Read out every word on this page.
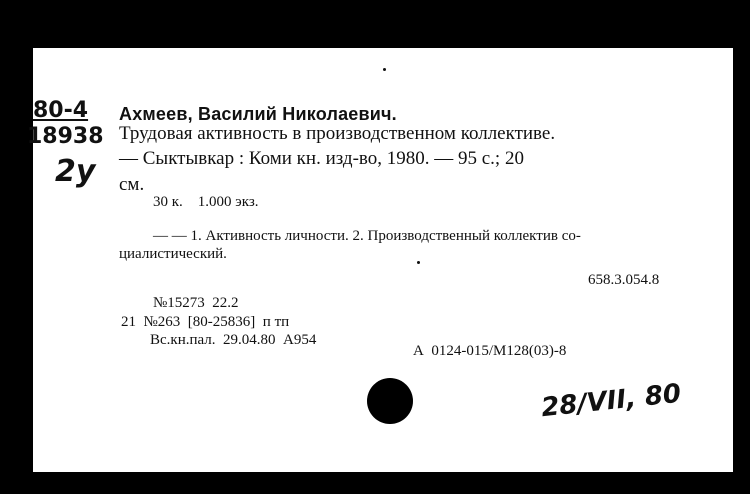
Ахмеев, Василий Николаевич.
Трудовая активность в производственном коллективе.
— Сыктывкар : Коми кн. изд-во, 1980. — 95 с.; 20
см.
30 к.    1.000 экз.
— — 1. Активность личности. 2. Производственный коллектив со-
циалистический.
658.3.054.8
№15273  22.2
21  №263  [80-25836]  п тп
Вс.кн.пал.  29.04.80  А954
А  0124-015/М128(03)-8
80-4
18938
2у
28/VII, 80
